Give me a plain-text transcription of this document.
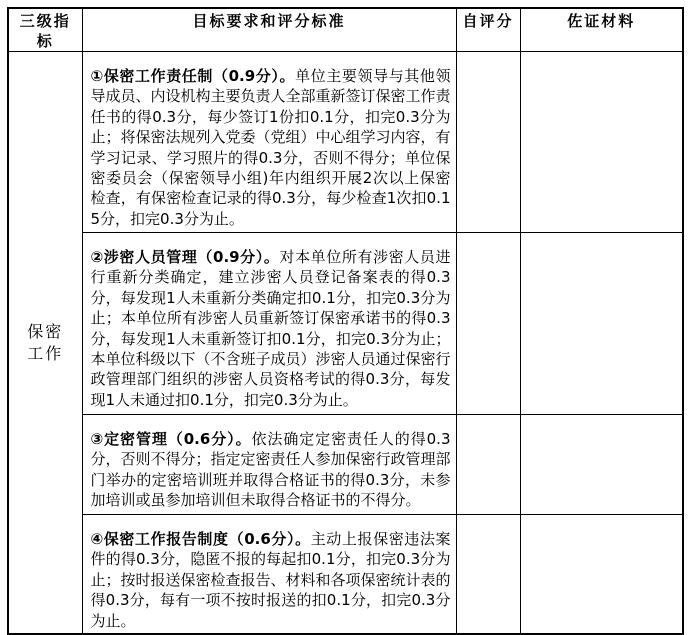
三级指标	目标要求和评分标准	自评分	佐证材料
保密工作	①保密工作责任制（0.9分）。单位主要领导与其他领导成员、内设机构主要负责人全部重新签订保密工作责任书的得0.3分，每少签订1份扣0.1分，扣完0.3分为止；将保密法规列入党委（党组）中心组学习内容，有学习记录、学习照片的得0.3分，否则不得分；单位保密委员会（保密领导小组)年内组织开展2次以上保密检查，有保密检查记录的得0.3分，每少检查1次扣0.15分，扣完0.3分为止。		
	②涉密人员管理（0.9分）。对本单位所有涉密人员进行重新分类确定，建立涉密人员登记备案表的得0.3分，每发现1人未重新分类确定扣0.1分，扣完0.3分为止；本单位所有涉密人员重新签订保密承诺书的得0.3分，每发现1人未重新签订扣0.1分，扣完0.3分为止；本单位科级以下（不含班子成员）涉密人员通过保密行政管理部门组织的涉密人员资格考试的得0.3分，每发现1人未通过扣0.1分，扣完0.3分为止。		
	③定密管理（0.6分）。依法确定定密责任人的得0.3分，否则不得分；指定定密责任人参加保密行政管理部门举办的定密培训班并取得合格证书的得0.3分，未参加培训或虽参加培训但未取得合格证书的不得分。		
	④保密工作报告制度（0.6分）。主动上报保密违法案件的得0.3分，隐匿不报的每起扣0.1分，扣完0.3分为止；按时报送保密检查报告、材料和各项保密统计表的得0.3分，每有一项不按时报送的扣0.1分，扣完0.3分为止。		
